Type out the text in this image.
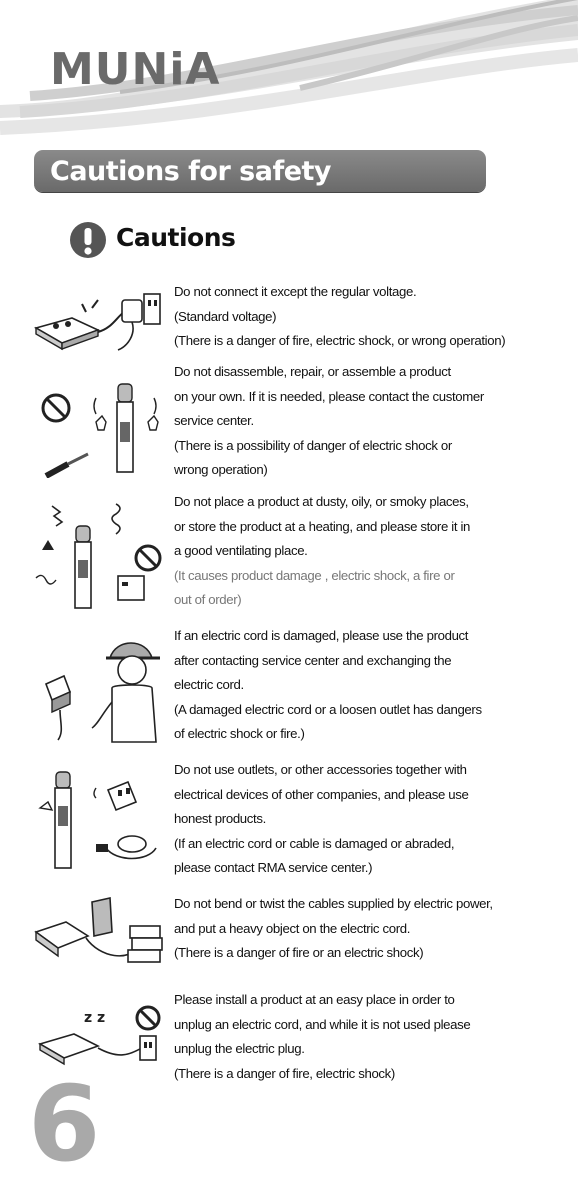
MUNiA
Cautions for safety
Cautions
Do not connect it except the regular voltage.
(Standard voltage)
(There is a danger of fire, electric shock, or wrong operation)
Do not disassemble, repair, or assemble a product
on your own. If it is needed, please contact the customer
service center.
(There is a possibility of danger of electric shock or
wrong operation)
Do not place a product at dusty, oily, or smoky places,
or store the product at a heating, and please store it in
a good ventilating place.
(It causes product damage , electric shock, a fire or
out of order)
If an electric cord is damaged, please use the product
after contacting service center and exchanging the
electric cord.
(A damaged electric cord or a loosen outlet has dangers
of electric shock or fire.)
Do not use outlets, or other accessories together with
electrical devices of other companies, and please use
honest products.
(If an electric cord or cable is damaged or abraded,
please contact RMA service center.)
Do not bend or twist the cables supplied by electric power,
and put a heavy object on the electric cord.
(There is a danger of fire or an electric shock)
z z
Please install a product at an easy place in order to
unplug an electric cord, and while it is not used please
unplug the electric plug.
(There is a danger of fire, electric shock)
6
